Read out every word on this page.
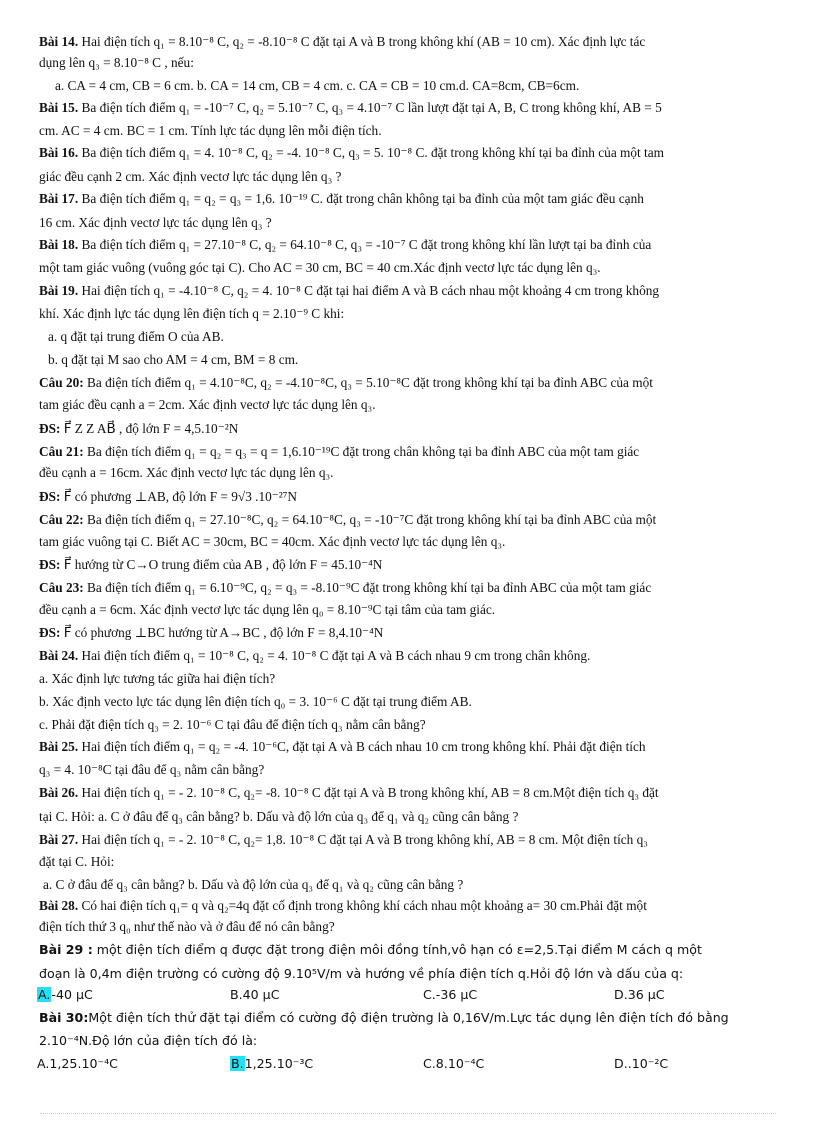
Bài 14. Hai điện tích q₁ = 8.10⁻⁸ C, q₂ = -8.10⁻⁸ C đặt tại A và B trong không khí (AB = 10 cm). Xác định lực tác
dụng lên q₃ = 8.10⁻⁸ C , nếu:
a. CA = 4 cm, CB = 6 cm. b. CA = 14 cm, CB = 4 cm. c. CA = CB = 10 cm.d. CA=8cm, CB=6cm.
Bài 15. Ba điện tích điểm q₁ = -10⁻⁷ C, q₂ = 5.10⁻⁷ C, q₃ = 4.10⁻⁷ C lần lượt đặt tại A, B, C trong không khí, AB = 5
cm. AC = 4 cm. BC = 1 cm. Tính lực tác dụng lên mỗi điện tích.
Bài 16. Ba điện tích điểm q₁ = 4. 10⁻⁸ C, q₂ = -4. 10⁻⁸ C, q₃ = 5. 10⁻⁸ C. đặt trong không khí tại ba đỉnh của một tam
giác đều cạnh 2 cm. Xác định vectơ lực tác dụng lên q₃ ?
Bài 17. Ba điện tích điểm q₁ = q₂ = q₃ = 1,6. 10⁻¹⁹ C. đặt trong chân không tại ba đỉnh của một tam giác đều cạnh
16 cm. Xác định vectơ lực tác dụng lên q₃ ?
Bài 18. Ba điện tích điểm q₁ = 27.10⁻⁸ C, q₂ = 64.10⁻⁸ C, q₃ = -10⁻⁷ C đặt trong không khí lần lượt tại ba đỉnh của
một tam giác vuông (vuông góc tại C). Cho AC = 30 cm, BC = 40 cm.Xác định vectơ lực tác dụng lên q₃.
Bài 19. Hai điện tích q₁ = -4.10⁻⁸ C, q₂ = 4. 10⁻⁸ C đặt tại hai điểm A và B cách nhau một khoảng 4 cm trong không
khí. Xác định lực tác dụng lên điện tích q = 2.10⁻⁹ C khi:
a. q đặt tại trung điểm O của AB.
b. q đặt tại M sao cho AM = 4 cm, BM = 8 cm.
Câu 20: Ba điện tích điểm q₁ = 4.10⁻⁸C, q₂ = -4.10⁻⁸C, q₃ = 5.10⁻⁸C đặt trong không khí tại ba đỉnh ABC của một
tam giác đều cạnh a = 2cm. Xác định vectơ lực tác dụng lên q₃.
ĐS: F⃗ Z Z AB⃗ , độ lớn F = 4,5.10⁻²N
Câu 21: Ba điện tích điểm q₁ = q₂ = q₃ = q = 1,6.10⁻¹⁹C đặt trong chân không tại ba đỉnh ABC của một tam giác
đều cạnh a = 16cm. Xác định vectơ lực tác dụng lên q₃.
ĐS: F⃗ có phương ⊥AB, độ lớn F = 9√3 .10⁻²⁷N
Câu 22: Ba điện tích điểm q₁ = 27.10⁻⁸C, q₂ = 64.10⁻⁸C, q₃ = -10⁻⁷C đặt trong không khí tại ba đỉnh ABC của một
tam giác vuông tại C. Biết AC = 30cm, BC = 40cm. Xác định vectơ lực tác dụng lên q₃.
ĐS: F⃗ hướng từ C→O trung điểm của AB , độ lớn F = 45.10⁻⁴N
Câu 23: Ba điện tích điểm q₁ = 6.10⁻⁹C, q₂ = q₃ = -8.10⁻⁹C đặt trong không khí tại ba đỉnh ABC của một tam giác
đều cạnh a = 6cm. Xác định vectơ lực tác dụng lên q₀ = 8.10⁻⁹C tại tâm của tam giác.
ĐS: F⃗ có phương ⊥BC hướng từ A→BC , độ lớn F = 8,4.10⁻⁴N
Bài 24. Hai điện tích điểm q₁ = 10⁻⁸ C, q₂ = 4. 10⁻⁸ C đặt tại A và B cách nhau 9 cm trong chân không.
a. Xác định lực tương tác giữa hai điện tích?
b. Xác định vecto lực tác dụng lên điện tích q₀ = 3. 10⁻⁶ C đặt tại trung điểm AB.
c. Phải đặt điện tích q₃ = 2. 10⁻⁶ C tại đâu để điện tích q₃ nằm cân bằng?
Bài 25. Hai điện tích điểm q₁ = q₂ = -4. 10⁻⁶C, đặt tại A và B cách nhau 10 cm trong không khí. Phải đặt điện tích
q₃ = 4. 10⁻⁸C tại đâu để q₃ nằm cân bằng?
Bài 26. Hai điện tích q₁ = - 2. 10⁻⁸ C, q₂= -8. 10⁻⁸ C đặt tại A và B trong không khí, AB = 8 cm.Một điện tích q₃ đặt
tại C. Hỏi: a. C ở đâu để q₃ cân bằng? b. Dấu và độ lớn của q₃ để q₁ và q₂ cũng cân bằng ?
Bài 27. Hai điện tích q₁ = - 2. 10⁻⁸ C, q₂= 1,8. 10⁻⁸ C đặt tại A và B trong không khí, AB = 8 cm. Một điện tích q₃
đặt tại C. Hỏi:
a. C ở đâu để q₃ cân bằng? b. Dấu và độ lớn của q₃ để q₁ và q₂ cũng cân bằng ?
Bài 28. Có hai điện tích q₁= q và q₂=4q đặt cố định trong không khí cách nhau một khoảng a= 30 cm.Phải đặt một
điện tích thứ 3 q₀ như thế nào và ở đâu để nó cân bằng?
Bài 29 : một điện tích điểm q được đặt trong điện môi đồng tính,vô hạn có ε=2,5.Tại điểm M cách q một
đoạn là 0,4m điện trường có cường độ 9.10⁵V/m và hướng về phía điện tích q.Hỏi độ lớn và dấu của q:
Bài 30:Một điện tích thử đặt tại điểm có cường độ điện trường là 0,16V/m.Lực tác dụng lên điện tích đó bằng
2.10⁻⁴N.Độ lớn của điện tích đó là:
A.-40 μC	B.40 μC	C.-36 μC	D.36 μC
A.1,25.10⁻⁴C	B.1,25.10⁻³C	C.8.10⁻⁴C	D..10⁻²C
